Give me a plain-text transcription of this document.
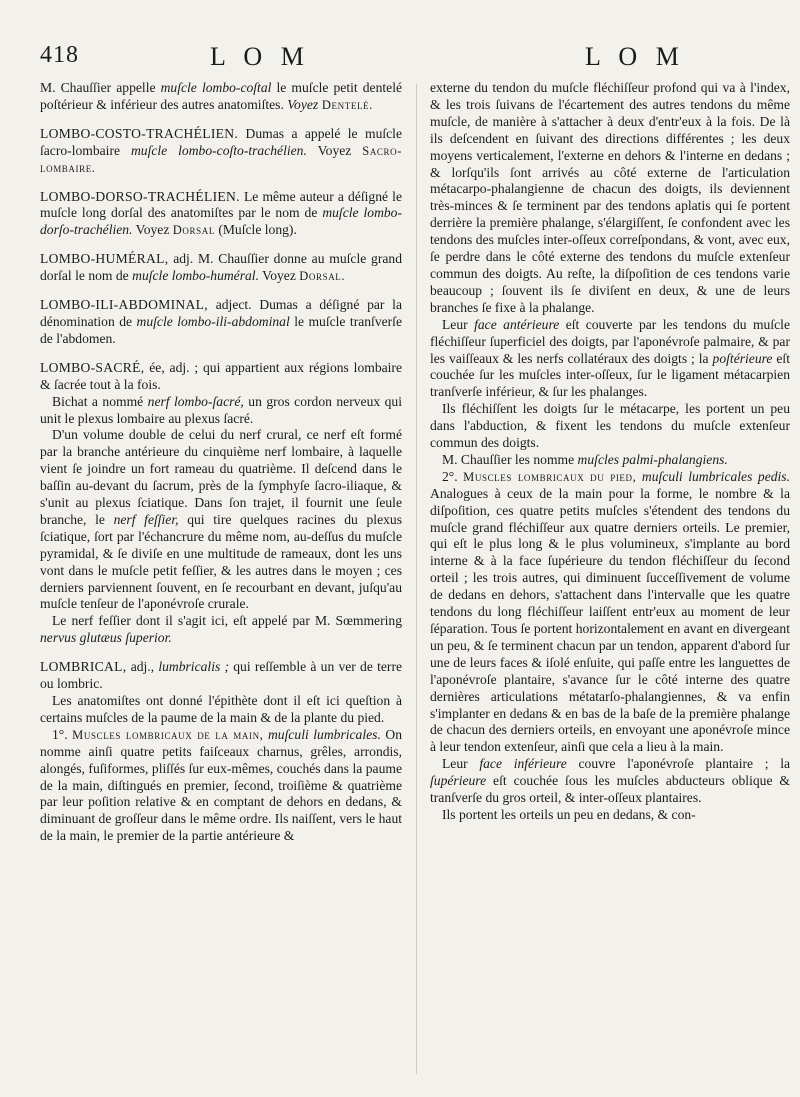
418	L O M	L O M

M. Chauſſier appelle muſcle lombo-coſtal le muſcle petit dentelé poſtérieur & inférieur des autres anatomiſtes. Voyez Dentelé.

LOMBO-COSTO-TRACHÉLIEN. Dumas a appelé le muſcle ſacro-lombaire muſcle lombo-coſto-trachélien. Voyez Sacro-lombaire.

LOMBO-DORSO-TRACHÉLIEN. Le même auteur a déſigné le muſcle long dorſal des anatomiſtes par le nom de muſcle lombo-dorſo-trachélien. Voyez Dorsal (Muſcle long).

LOMBO-HUMÉRAL, adj. M. Chauſſier donne au muſcle grand dorſal le nom de muſcle lombo-huméral. Voyez Dorsal.

LOMBO-ILI-ABDOMINAL, adject. Dumas a déſigné par la dénomination de muſcle lombo-ili-abdominal le muſcle tranſverſe de l'abdomen.

LOMBO-SACRÉ, ée, adj. ; qui appartient aux régions lombaire & ſacrée tout à la fois.

Bichat a nommé nerf lombo-ſacré, un gros cordon nerveux qui unit le plexus lombaire au plexus ſacré.

D'un volume double de celui du nerf crural, ce nerf eſt formé par la branche antérieure du cinquième nerf lombaire, à laquelle vient ſe joindre un fort rameau du quatrième. Il deſcend dans le baſſin au-devant du ſacrum, près de la ſymphyſe ſacro-iliaque, & s'unit au plexus ſciatique. Dans ſon trajet, il fournit une ſeule branche, le nerf feſſier, qui tire quelques racines du plexus ſciatique, ſort par l'échancrure du même nom, au-deſſus du muſcle pyramidal, & ſe diviſe en une multitude de rameaux, dont les uns vont dans le muſcle petit feſſier, & les autres dans le moyen ; ces derniers parviennent ſouvent, en ſe recourbant en devant, juſqu'au muſcle tenſeur de l'aponévroſe crurale.

Le nerf feſſier dont il s'agit ici, eſt appelé par M. Sœmmering nervus glutæus ſuperior.

LOMBRICAL, adj., lumbricalis ; qui reſſemble à un ver de terre ou lombric.

Les anatomiſtes ont donné l'épithète dont il eſt ici queſtion à certains muſcles de la paume de la main & de la plante du pied.

1°. Muscles lombricaux de la main, muſculi lumbricales. On nomme ainſi quatre petits faiſceaux charnus, grêles, arrondis, alongés, fuſiformes, pliſſés ſur eux-mêmes, couchés dans la paume de la main, diſtingués en premier, ſecond, troiſième & quatrième par leur poſition relative & en comptant de dehors en dedans, & diminuant de groſſeur dans le même ordre. Ils naiſſent, vers le haut de la main, le premier de la partie antérieure &

externe du tendon du muſcle fléchiſſeur profond qui va à l'index, & les trois ſuivans de l'écartement des autres tendons du même muſcle, de manière à s'attacher à deux d'entr'eux à la fois. De là ils deſcendent en ſuivant des directions différentes ; les deux moyens verticalement, l'externe en dehors & l'interne en dedans ; & lorſqu'ils ſont arrivés au côté externe de l'articulation métacarpo-phalangienne de chacun des doigts, ils deviennent très-minces & ſe terminent par des tendons aplatis qui ſe portent derrière la première phalange, s'élargiſſent, ſe confondent avec les tendons des muſcles inter-oſſeux correſpondans, & vont, avec eux, ſe perdre dans le côté externe des tendons du muſcle extenſeur commun des doigts. Au reſte, la diſpoſition de ces tendons varie beaucoup ; ſouvent ils ſe diviſent en deux, & une de leurs branches ſe fixe à la phalange.

Leur face antérieure eſt couverte par les tendons du muſcle fléchiſſeur ſuperficiel des doigts, par l'aponévroſe palmaire, & par les vaiſſeaux & les nerfs collatéraux des doigts ; la poſtérieure eſt couchée ſur les muſcles inter-oſſeux, ſur le ligament métacarpien tranſverſe inférieur, & ſur les phalanges.

Ils fléchiſſent les doigts ſur le métacarpe, les portent un peu dans l'abduction, & fixent les tendons du muſcle extenſeur commun des doigts.

M. Chauſſier les nomme muſcles palmi-phalangiens.

2°. Muscles lombricaux du pied, muſculi lumbricales pedis. Analogues à ceux de la main pour la forme, le nombre & la diſpoſition, ces quatre petits muſcles s'étendent des tendons du muſcle grand fléchiſſeur aux quatre derniers orteils. Le premier, qui eſt le plus long & le plus volumineux, s'implante au bord interne & à la face ſupérieure du tendon fléchiſſeur du ſecond orteil ; les trois autres, qui diminuent ſucceſſivement de volume de dedans en dehors, s'attachent dans l'intervalle que les quatre tendons du long fléchiſſeur laiſſent entr'eux au moment de leur ſéparation. Tous ſe portent horizontalement en avant en divergeant un peu, & ſe terminent chacun par un tendon, apparent d'abord ſur une de leurs faces & iſolé enſuite, qui paſſe entre les languettes de l'aponévroſe plantaire, s'avance ſur le côté interne des quatre dernières articulations métatarſo-phalangiennes, & va enfin s'implanter en dedans & en bas de la baſe de la première phalange de chacun des derniers orteils, en envoyant une aponévroſe mince à leur tendon extenſeur, ainſi que cela a lieu à la main.

Leur face inférieure couvre l'aponévroſe plantaire ; la ſupérieure eſt couchée ſous les muſcles abducteurs oblique & tranſverſe du gros orteil, & inter-oſſeux plantaires.

Ils portent les orteils un peu en dedans, & con-
